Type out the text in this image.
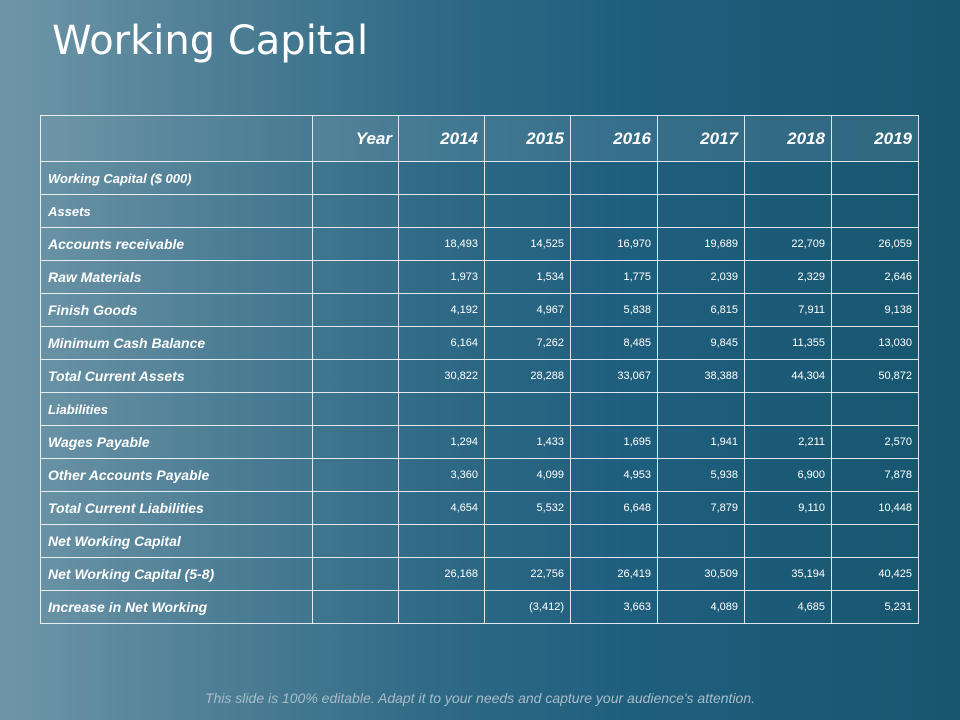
Working Capital
	Year	2014	2015	2016	2017	2018	2019
Working Capital ($ 000)							
Assets							
Accounts receivable		18,493	14,525	16,970	19,689	22,709	26,059
Raw Materials		1,973	1,534	1,775	2,039	2,329	2,646
Finish Goods		4,192	4,967	5,838	6,815	7,911	9,138
Minimum Cash Balance		6,164	7,262	8,485	9,845	11,355	13,030
Total Current Assets		30,822	28,288	33,067	38,388	44,304	50,872
Liabilities							
Wages Payable		1,294	1,433	1,695	1,941	2,211	2,570
Other Accounts Payable		3,360	4,099	4,953	5,938	6,900	7,878
Total Current Liabilities		4,654	5,532	6,648	7,879	9,110	10,448
Net Working Capital							
Net Working Capital (5-8)		26,168	22,756	26,419	30,509	35,194	40,425
Increase in Net Working			(3,412)	3,663	4,089	4,685	5,231
This slide is 100% editable. Adapt it to your needs and capture your audience's attention.
